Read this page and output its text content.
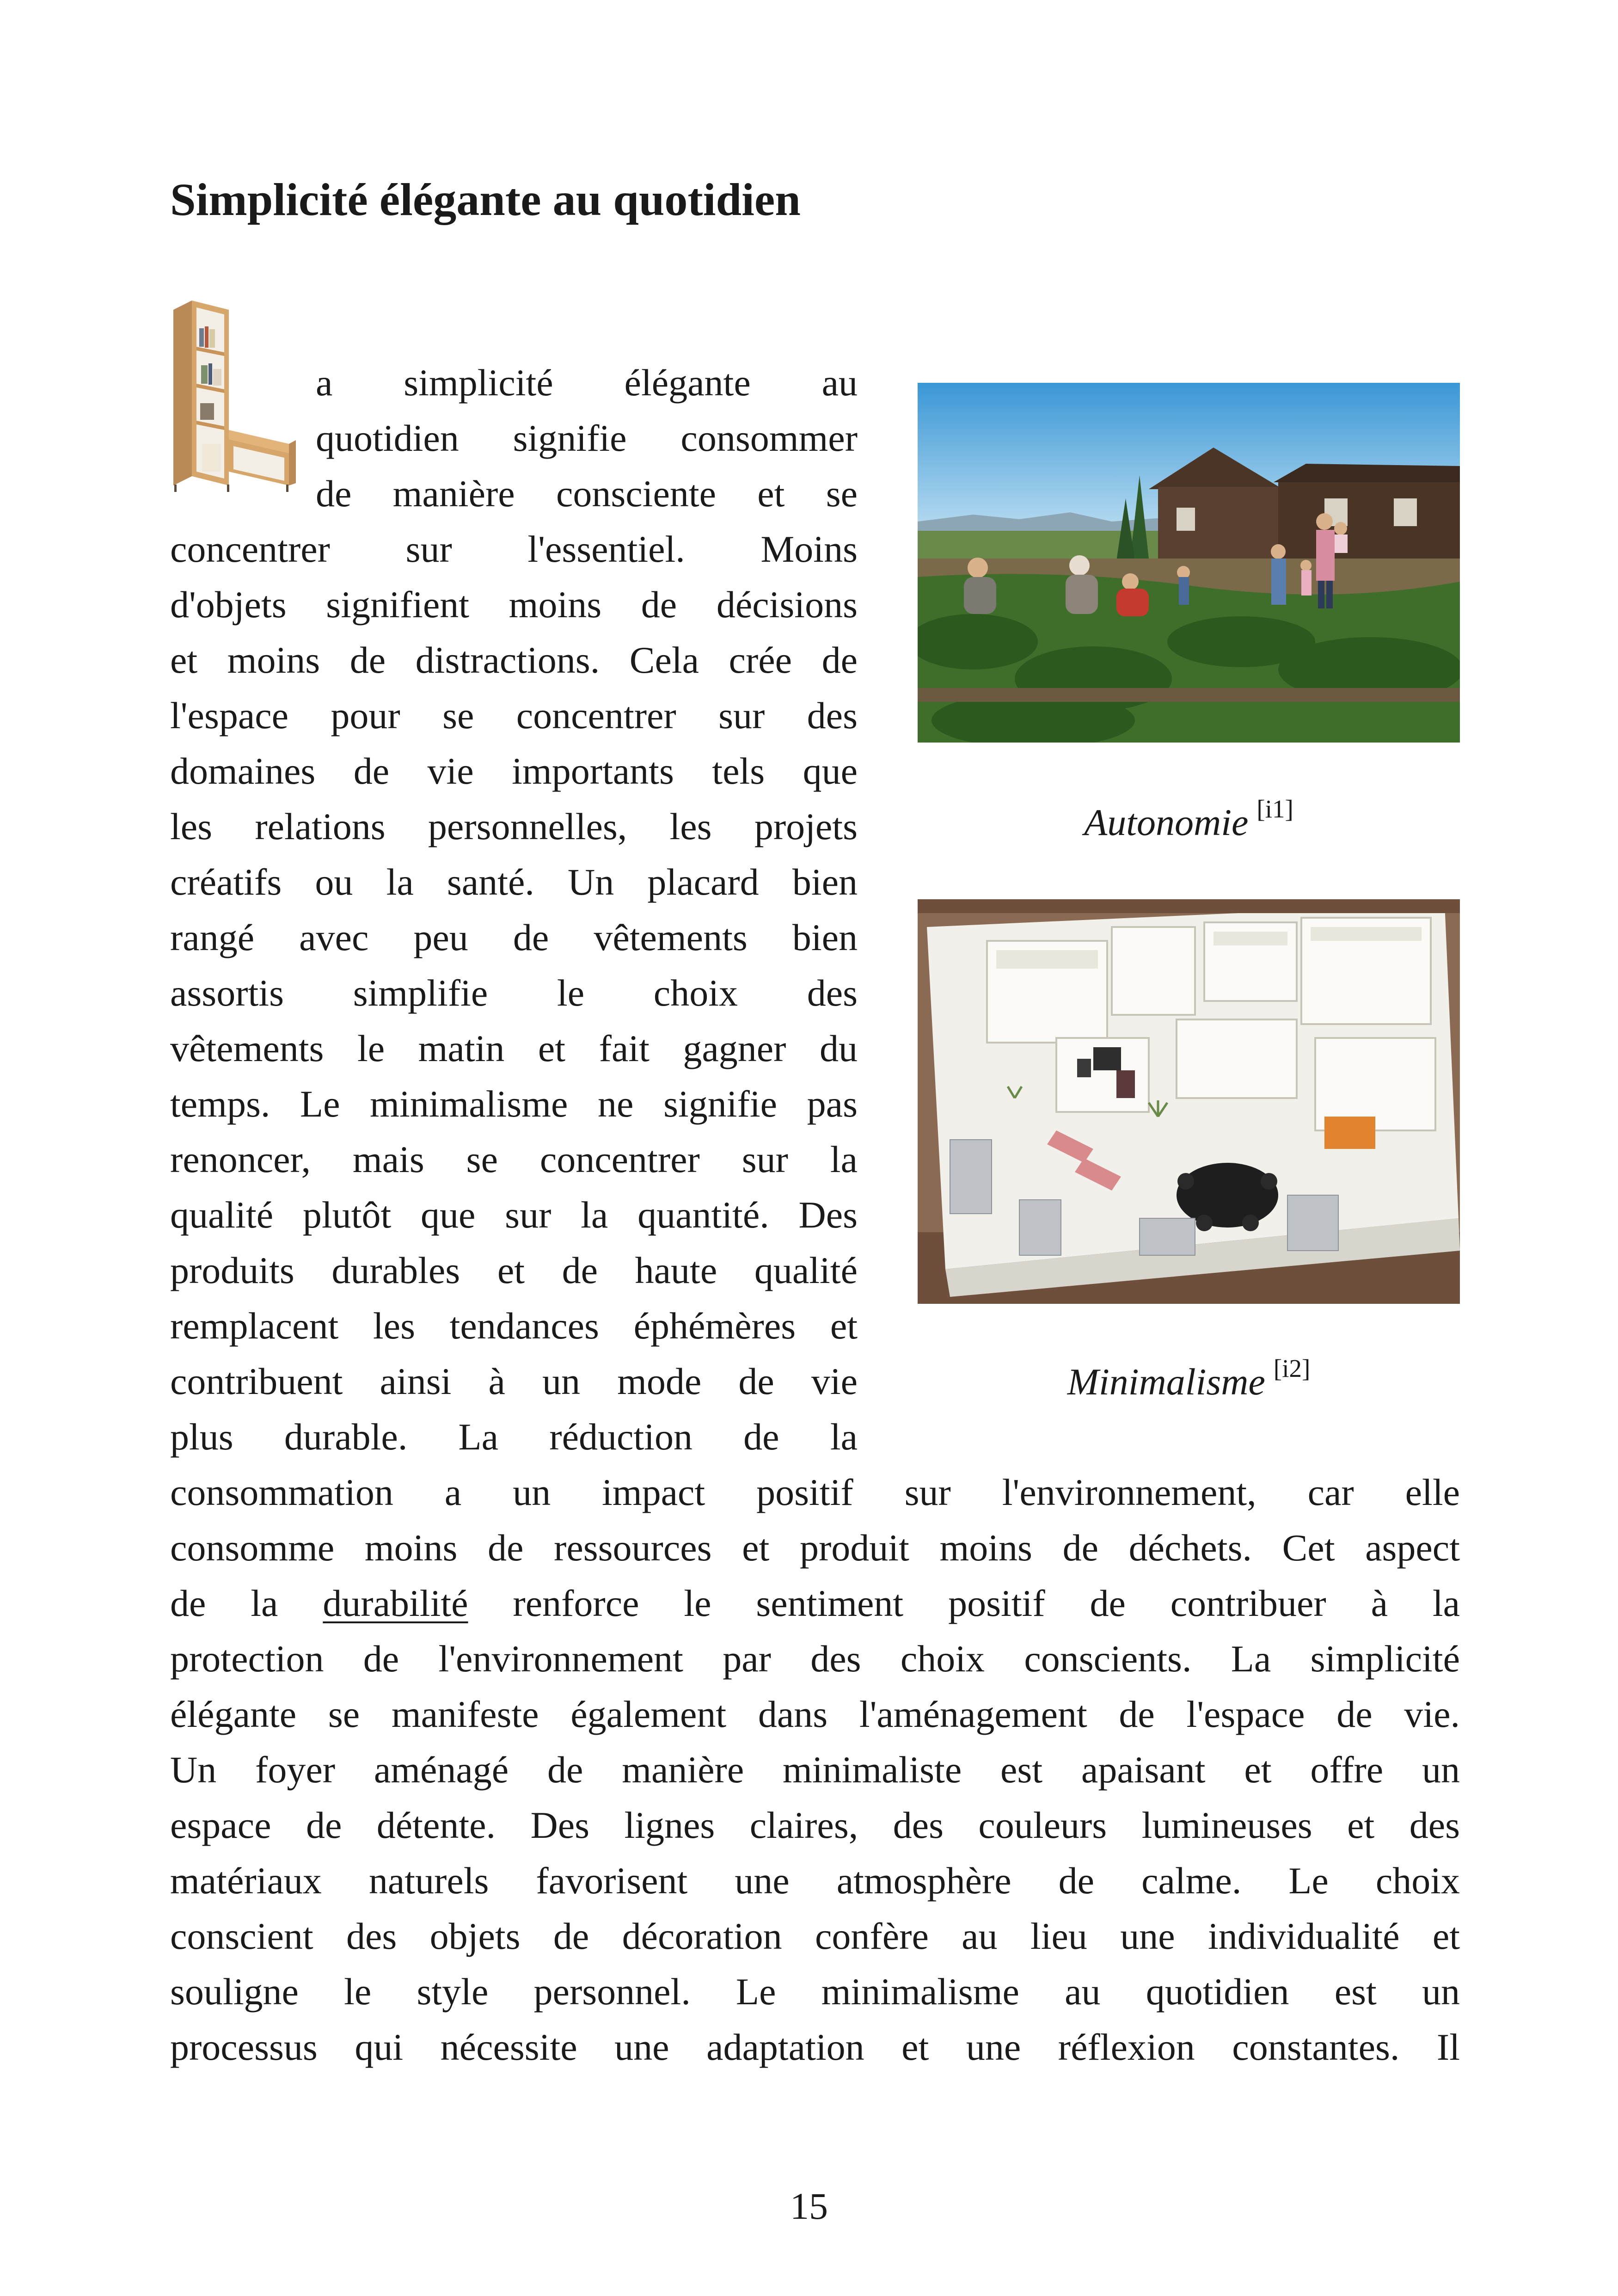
Simplicité élégante au quotidien
a simplicité élégante au
quotidien signifie consommer
de manière consciente et se
concentrer sur l'essentiel. Moins
d'objets signifient moins de décisions
et moins de distractions. Cela crée de
l'espace pour se concentrer sur des
domaines de vie importants tels que
les relations personnelles, les projets
créatifs ou la santé. Un placard bien
rangé avec peu de vêtements bien
assortis simplifie le choix des
vêtements le matin et fait gagner du
temps. Le minimalisme ne signifie pas
renoncer, mais se concentrer sur la
qualité plutôt que sur la quantité. Des
produits durables et de haute qualité
remplacent les tendances éphémères et
contribuent ainsi à un mode de vie
plus durable. La réduction de la
consommation a un impact positif sur l'environnement, car elle
consomme moins de ressources et produit moins de déchets. Cet aspect
de la durabilité renforce le sentiment positif de contribuer à la
protection de l'environnement par des choix conscients. La simplicité
élégante se manifeste également dans l'aménagement de l'espace de vie.
Un foyer aménagé de manière minimaliste est apaisant et offre un
espace de détente. Des lignes claires, des couleurs lumineuses et des
matériaux naturels favorisent une atmosphère de calme. Le choix
conscient des objets de décoration confère au lieu une individualité et
souligne le style personnel. Le minimalisme au quotidien est un
processus qui nécessite une adaptation et une réflexion constantes. Il
Autonomie [i1]
Minimalisme [i2]
15
